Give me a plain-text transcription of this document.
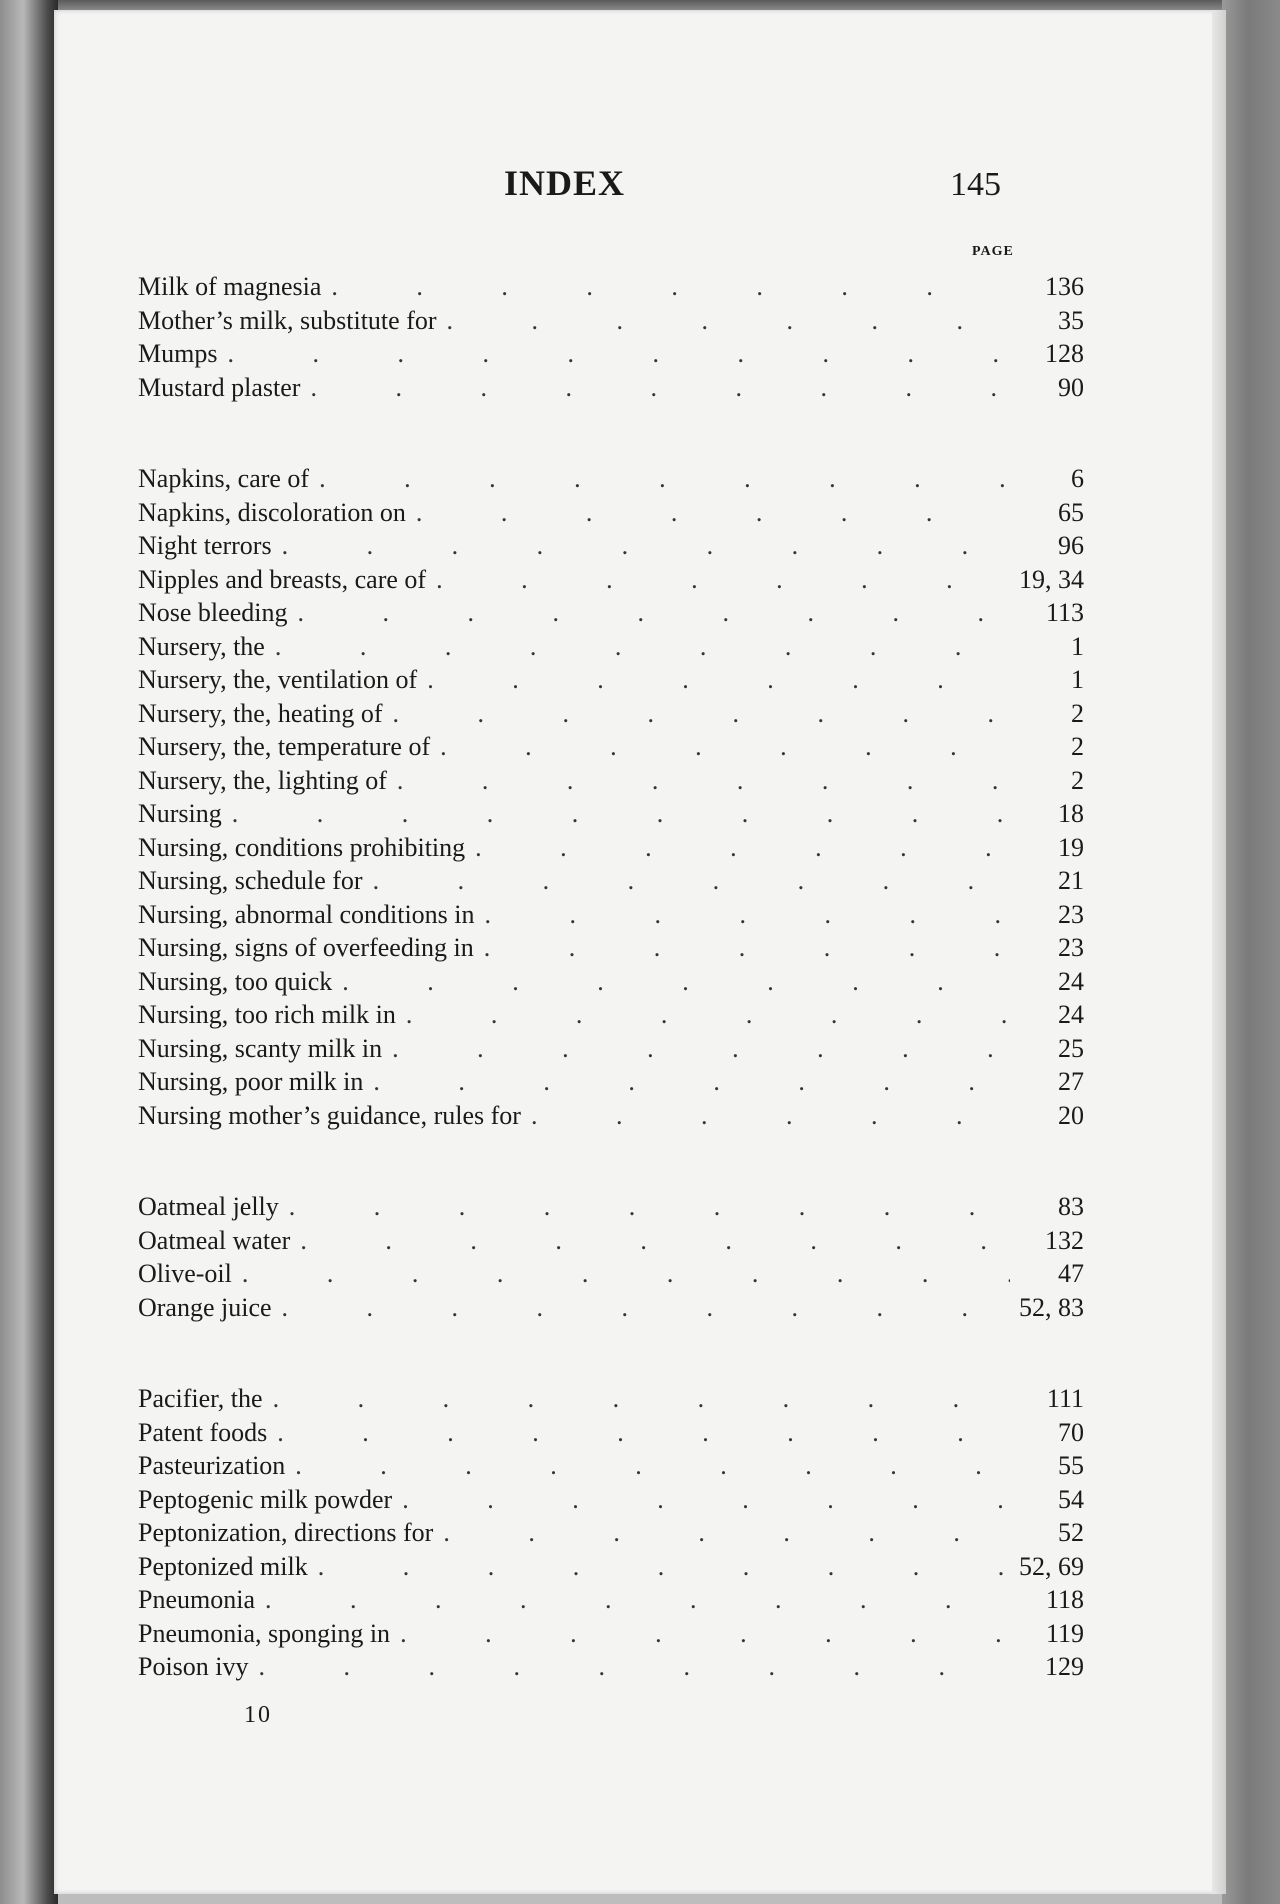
INDEX	145
PAGE
Milk of magnesia . . .	136
Mother’s milk, substitute for . . .	35
Mumps . . .	128
Mustard plaster . . .	90
Napkins, care of . . .	6
Napkins, discoloration on . . .	65
Night terrors . . .	96
Nipples and breasts, care of . . .	19, 34
Nose bleeding . . .	113
Nursery, the . . .	1
Nursery, the, ventilation of . . .	1
Nursery, the, heating of . . .	2
Nursery, the, temperature of . . .	2
Nursery, the, lighting of . . .	2
Nursing . . .	18
Nursing, conditions prohibiting . . .	19
Nursing, schedule for . . .	21
Nursing, abnormal conditions in . . .	23
Nursing, signs of overfeeding in . . .	23
Nursing, too quick . . .	24
Nursing, too rich milk in . . .	24
Nursing, scanty milk in . . .	25
Nursing, poor milk in . . .	27
Nursing mother’s guidance, rules for . . .	20
Oatmeal jelly . . .	83
Oatmeal water . . .	132
Olive-oil . . .	47
Orange juice . . .	52, 83
Pacifier, the . . .	111
Patent foods . . .	70
Pasteurization . . .	55
Peptogenic milk powder . . .	54
Peptonization, directions for . . .	52
Peptonized milk . . .	52, 69
Pneumonia . . .	118
Pneumonia, sponging in . . .	119
Poison ivy . . .	129
10
